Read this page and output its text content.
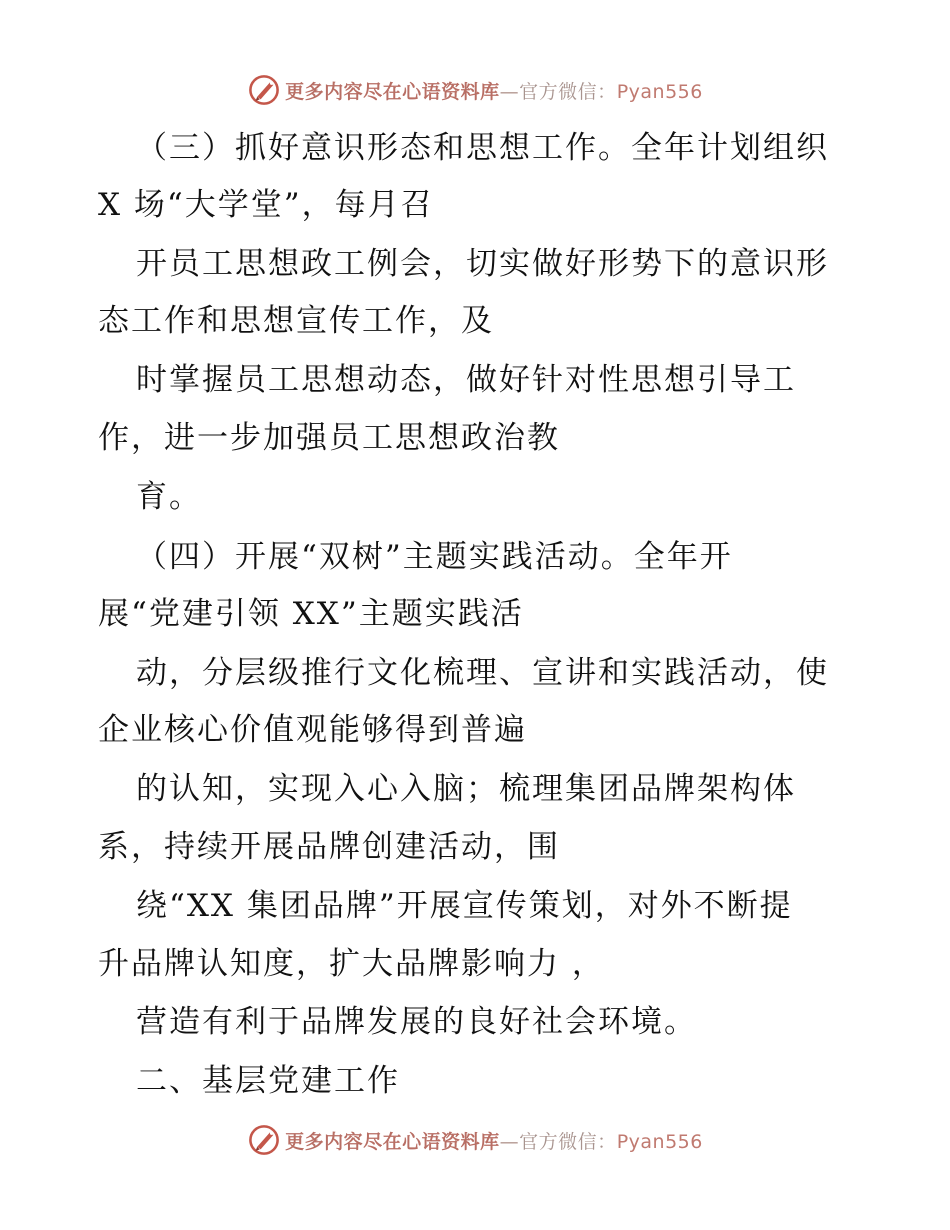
更多内容尽在心语资料库—官方微信：Pyan556
（三）抓好意识形态和思想工作。全年计划组织
X 场“大学堂”，每月召
开员工思想政工例会，切实做好形势下的意识形
态工作和思想宣传工作，及
时掌握员工思想动态，做好针对性思想引导工
作，进一步加强员工思想政治教
育。
（四）开展“双树”主题实践活动。全年开
展“党建引领 XX”主题实践活
动，分层级推行文化梳理、宣讲和实践活动，使
企业核心价值观能够得到普遍
的认知，实现入心入脑；梳理集团品牌架构体
系，持续开展品牌创建活动，围
绕“XX 集团品牌”开展宣传策划，对外不断提
升品牌认知度，扩大品牌影响力 ，
营造有利于品牌发展的良好社会环境。
二、基层党建工作
更多内容尽在心语资料库—官方微信：Pyan556
